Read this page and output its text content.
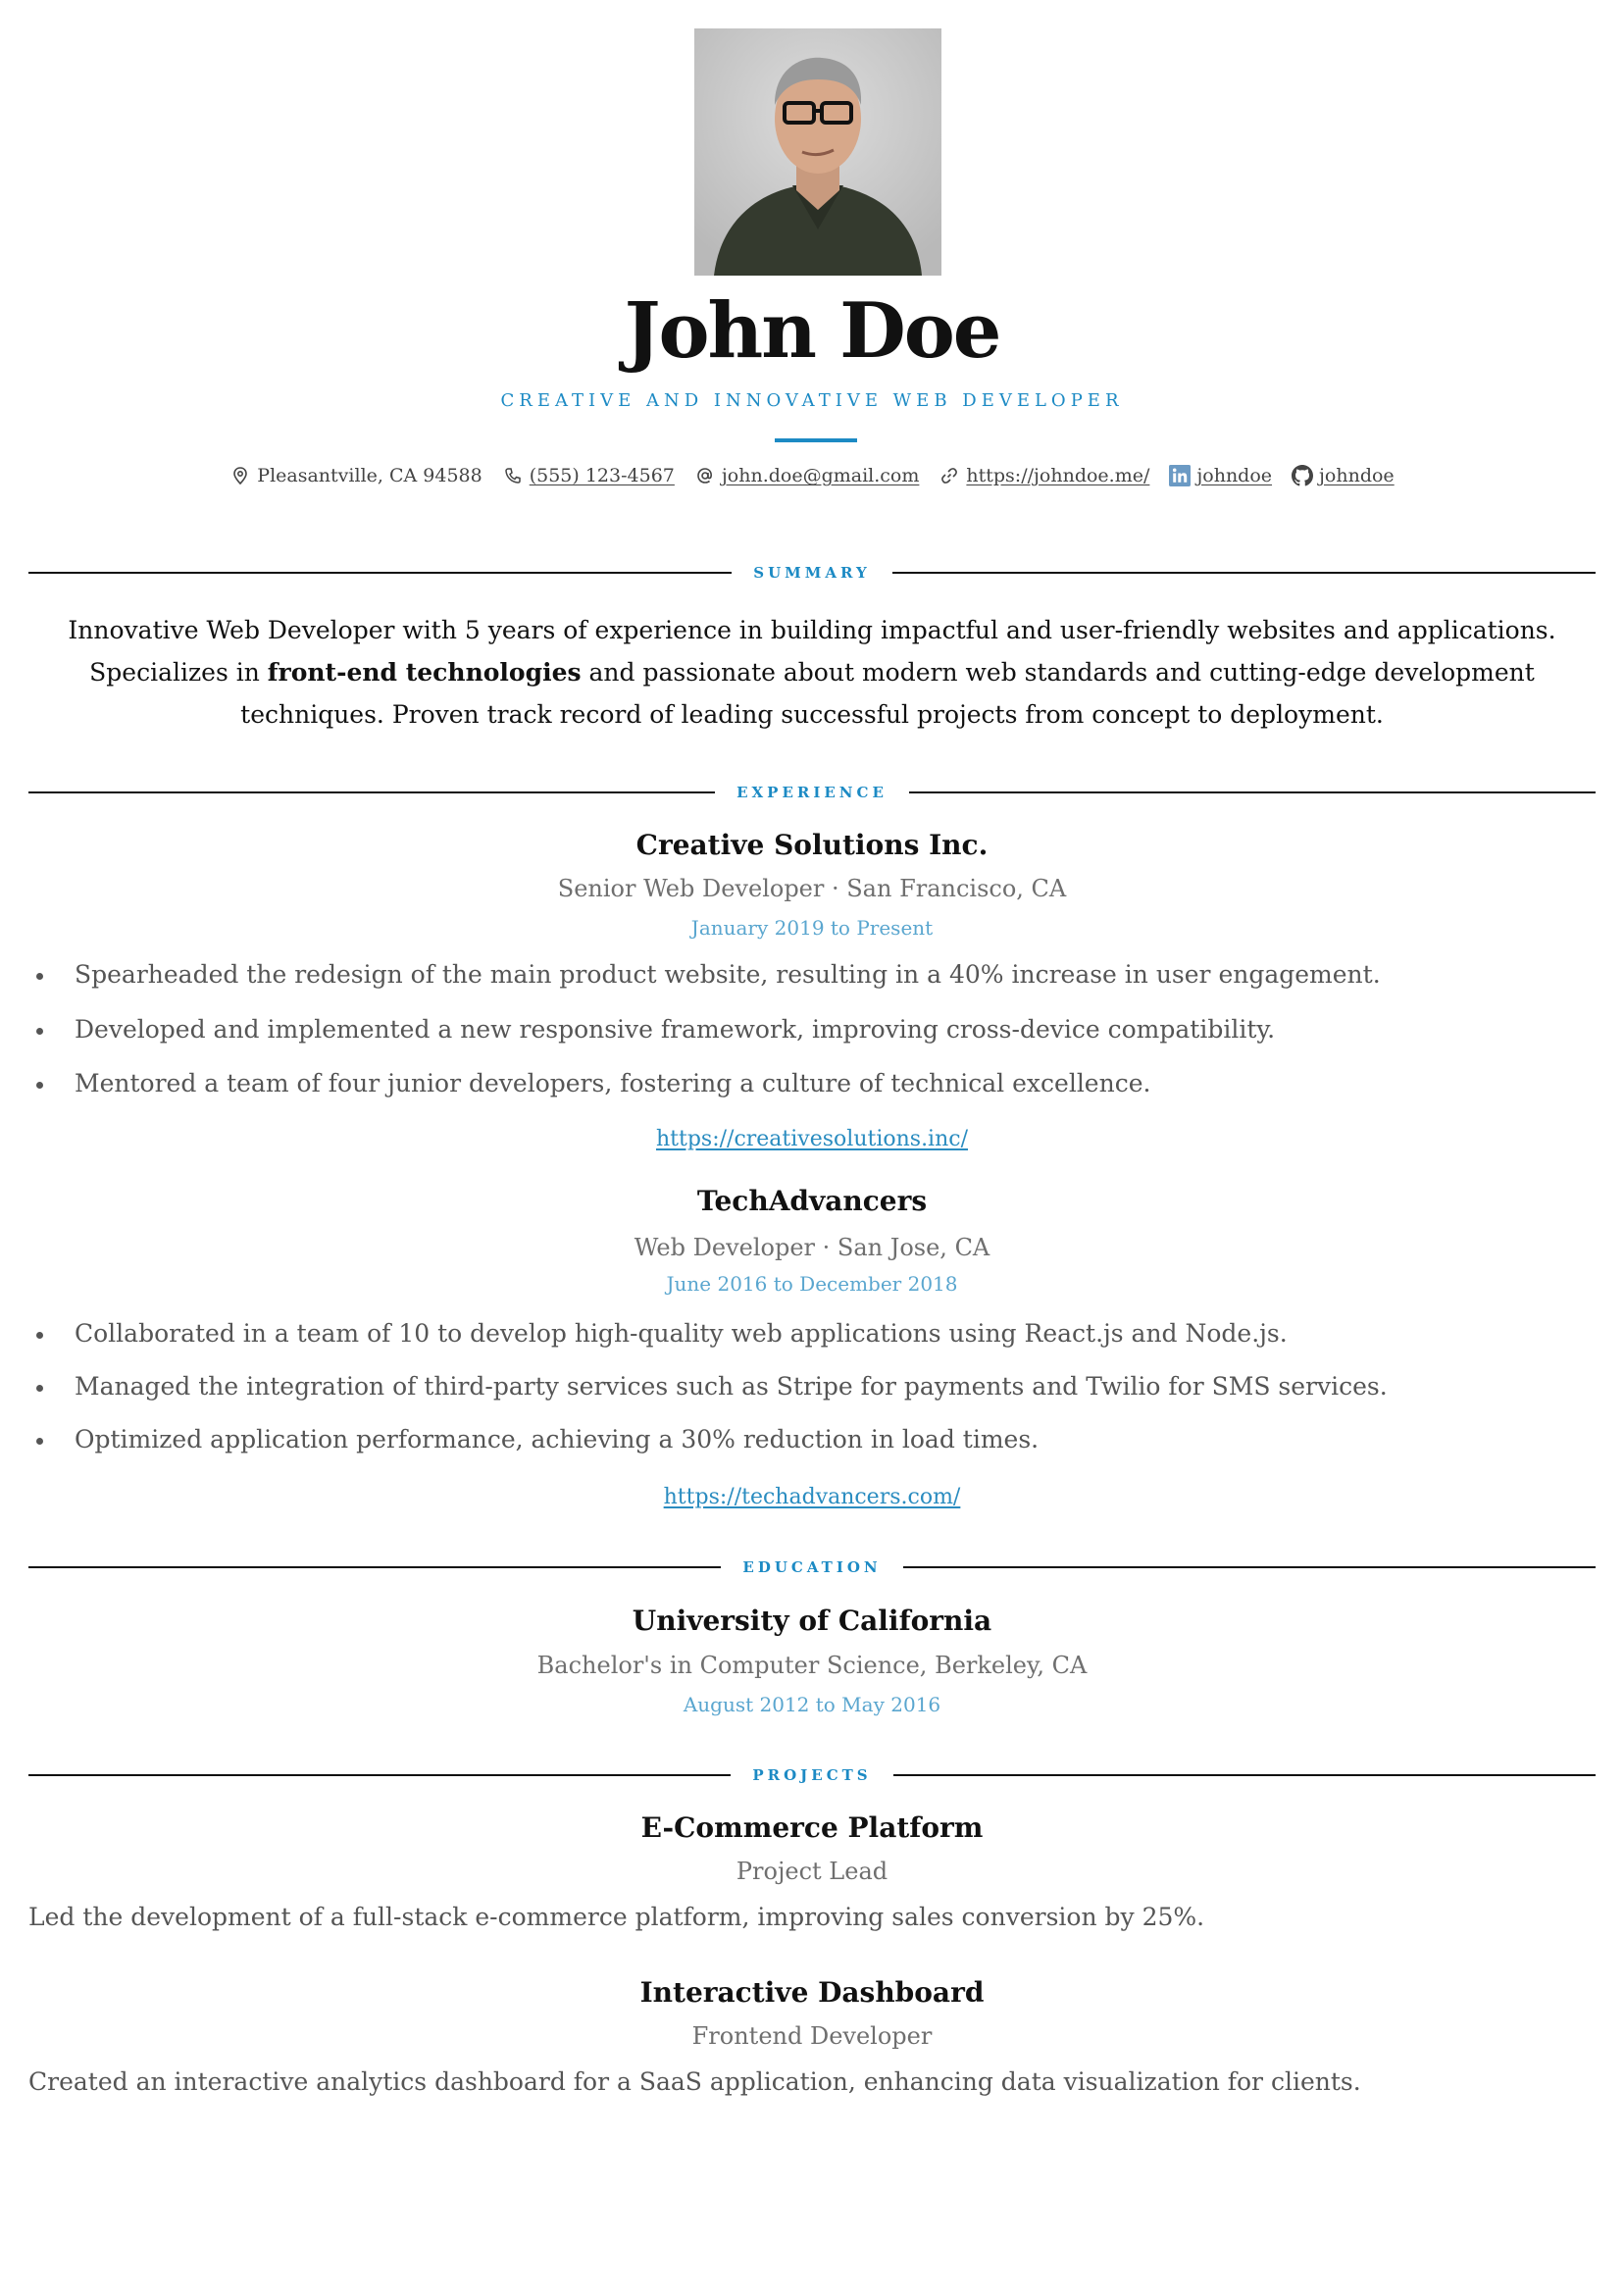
John Doe
CREATIVE AND INNOVATIVE WEB DEVELOPER
Pleasantville, CA 94588	(555) 123-4567	john.doe@gmail.com	https://johndoe.me/	johndoe	johndoe
SUMMARY
Innovative Web Developer with 5 years of experience in building impactful and user-friendly websites and applications. Specializes in front-end technologies and passionate about modern web standards and cutting-edge development techniques. Proven track record of leading successful projects from concept to deployment.
EXPERIENCE
Creative Solutions Inc.
Senior Web Developer · San Francisco, CA
January 2019 to Present
Spearheaded the redesign of the main product website, resulting in a 40% increase in user engagement.
Developed and implemented a new responsive framework, improving cross-device compatibility.
Mentored a team of four junior developers, fostering a culture of technical excellence.
https://creativesolutions.inc/
TechAdvancers
Web Developer · San Jose, CA
June 2016 to December 2018
Collaborated in a team of 10 to develop high-quality web applications using React.js and Node.js.
Managed the integration of third-party services such as Stripe for payments and Twilio for SMS services.
Optimized application performance, achieving a 30% reduction in load times.
https://techadvancers.com/
EDUCATION
University of California
Bachelor's in Computer Science, Berkeley, CA
August 2012 to May 2016
PROJECTS
E-Commerce Platform
Project Lead
Led the development of a full-stack e-commerce platform, improving sales conversion by 25%.
Interactive Dashboard
Frontend Developer
Created an interactive analytics dashboard for a SaaS application, enhancing data visualization for clients.
